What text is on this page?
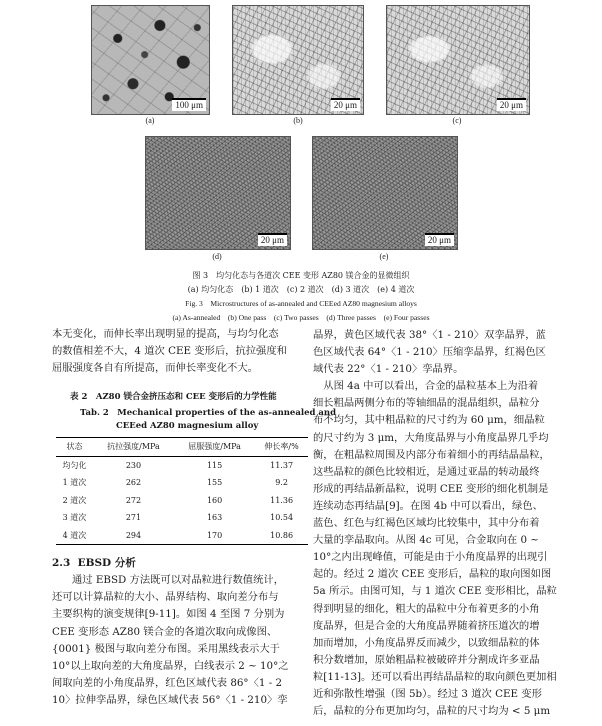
100 μm	20 μm	20 μm
(a)	(b)	(c)
20 μm	20 μm
(d)	(e)
图 3　均匀化态与各道次 CEE 变形 AZ80 镁合金的显微组织
(a) 均匀化态　(b) 1 道次　(c) 2 道次　(d) 3 道次　(e) 4 道次
Fig. 3　Microstructures of as-annealed and CEEed AZ80 magnesium alloys
(a) As-annealed　(b) One pass　(c) Two passes　(d) Three passes　(e) Four passes

本无变化，而伸长率出现明显的提高，与均匀化态

的数值相差不大，4 道次 CEE 变形后，抗拉强度和

屈服强度各自有所提高，而伸长率变化不大。

表 2　AZ80 镁合金挤压态和 CEE 变形后的力学性能
Tab. 2　Mechanical properties of the as-annealed and
CEEed AZ80 magnesium alloy
状态	抗拉强度/MPa	屈服强度/MPa	伸长率/%
均匀化	230	115	11.37
1 道次	262	155	9.2
2 道次	272	160	11.36
3 道次	271	163	10.54
4 道次	294	170	10.86
2.3 EBSD 分析

通过 EBSD 方法既可以对晶粒进行数值统计，

还可以计算晶粒的大小、晶界结构、取向差分布与

主要织构的演变规律[9-11]。如图 4 至图 7 分别为

CEE 变形态 AZ80 镁合金的各道次取向成像图、

{0001} 极图与取向差分布图。采用黑线表示大于

10°以上取向差的大角度晶界，白线表示 2 ~ 10°之

间取向差的小角度晶界，红色区域代表 86°〈1 - 2

10〉拉伸孪晶界，绿色区域代表 56°〈1 - 210〉孪

晶界，黄色区域代表 38°〈1 - 210〉双孪晶界，蓝

色区域代表 64°〈1 - 210〉压缩孪晶界，红褐色区

域代表 22°〈1 - 210〉孪晶界。

　从图 4a 中可以看出，合金的晶粒基本上为沿着

细长粗晶两侧分布的等轴细晶的混晶组织，晶粒分

布不均匀，其中粗晶粒的尺寸约为 60 μm，细晶粒

的尺寸约为 3 μm，大角度晶界与小角度晶界几乎均

衡，在粗晶粒周围及内部分布着细小的再结晶晶粒，

这些晶粒的颜色比较相近，是通过亚晶的转动最终

形成的再结晶新晶粒，说明 CEE 变形的细化机制是

连续动态再结晶[9]。在图 4b 中可以看出，绿色、

蓝色、红色与红褐色区域均比较集中，其中分布着

大量的孪晶取向。从图 4c 可见，合金取向在 0 ~

10°之内出现峰值，可能是由于小角度晶界的出现引

起的。经过 2 道次 CEE 变形后，晶粒的取向图如图

5a 所示。由图可知，与 1 道次 CEE 变形相比，晶粒

得到明显的细化，粗大的晶粒中分布着更多的小角

度晶界，但是合金的大角度晶界随着挤压道次的增

加而增加，小角度晶界反而减少，以致细晶粒的体

积分数增加，原始粗晶粒被破碎并分割成许多亚晶

粒[11-13]。还可以看出再结晶晶粒的取向颜色更加相

近和弥散性增强（图 5b）。经过 3 道次 CEE 变形

后，晶粒的分布更加均匀，晶粒的尺寸均为 < 5 μm
